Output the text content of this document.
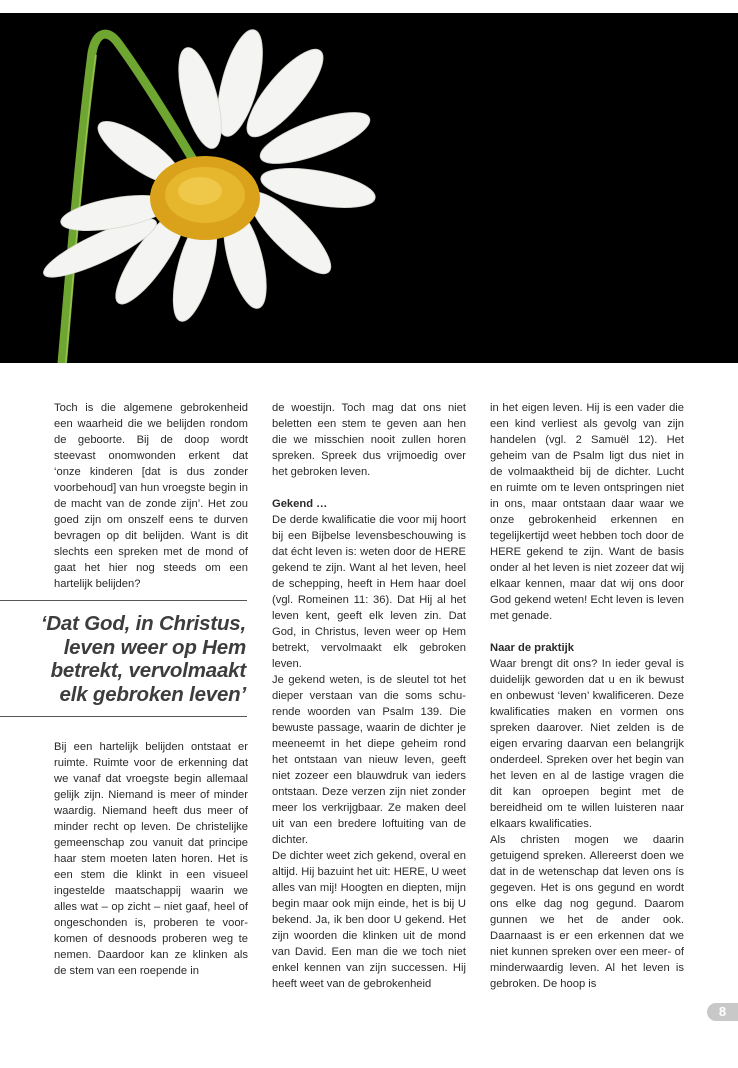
Toch is die algemene gebrokenheid een waarheid die we belijden rondom de geboorte. Bij de doop wordt steevast onomwonden erkent dat ‘onze kinderen [dat is dus zonder voorbehoud] van hun vroegste begin in de macht van de zonde zijn’. Het zou goed zijn om onszelf eens te durven bevragen op dit belijden. Want is dit slechts een spreken met de mond of gaat het hier nog steeds om een hartelijk belijden?

‘Dat God, in Christus, leven weer op Hem betrekt, vervolmaakt elk gebroken leven’

Bij een hartelijk belijden ontstaat er ruimte. Ruimte voor de erkenning dat we vanaf dat vroegste begin allemaal gelijk zijn. Niemand is meer of minder waardig. Niemand heeft dus meer of minder recht op leven. De christelijke gemeenschap zou vanuit dat principe haar stem moeten laten horen. Het is een stem die klinkt in een visueel ingestelde maatschappij waarin we alles wat – op zicht – niet gaaf, heel of ongeschonden is, proberen te voorkomen of desnoods proberen weg te nemen. Daardoor kan ze klinken als de stem van een roepende in

de woestijn. Toch mag dat ons niet beletten een stem te geven aan hen die we misschien nooit zullen horen spreken. Spreek dus vrijmoedig over het gebroken leven.

Gekend …

De derde kwalificatie die voor mij hoort bij een Bijbelse levensbeschouwing is dat écht leven is: weten door de HERE gekend te zijn. Want al het leven, heel de schepping, heeft in Hem haar doel (vgl. Romeinen 11: 36). Dat Hij al het leven kent, geeft elk leven zin. Dat God, in Christus, leven weer op Hem betrekt, vervolmaakt elk gebroken leven.

Je gekend weten, is de sleutel tot het dieper verstaan van die soms schurende woorden van Psalm 139. Die bewuste passage, waarin de dichter je meeneemt in het diepe geheim rond het ontstaan van nieuw leven, geeft niet zozeer een blauwdruk van ieders ontstaan. Deze verzen zijn niet zonder meer los verkrijgbaar. Ze maken deel uit van een bredere loftuiting van de dichter.

De dichter weet zich gekend, overal en altijd. Hij bazuint het uit: HERE, U weet alles van mij! Hoogten en diepten, mijn begin maar ook mijn einde, het is bij U bekend. Ja, ik ben door U gekend. Het zijn woorden die klinken uit de mond van David. Een man die we toch niet enkel kennen van zijn successen. Hij heeft weet van de gebrokenheid

in het eigen leven. Hij is een vader die een kind verliest als gevolg van zijn handelen (vgl. 2 Samuël 12). Het geheim van de Psalm ligt dus niet in de volmaaktheid bij de dichter. Lucht en ruimte om te leven ontspringen niet in ons, maar ontstaan daar waar we onze gebrokenheid erkennen en tegelijkertijd weet hebben toch door de HERE gekend te zijn. Want de basis onder al het leven is niet zozeer dat wij elkaar kennen, maar dat wij ons door God gekend weten! Echt leven is leven met genade.

Naar de praktijk

Waar brengt dit ons? In ieder geval is duidelijk geworden dat u en ik bewust en onbewust ‘leven’ kwalificeren. Deze kwalificaties maken en vormen ons spreken daarover. Niet zelden is de eigen ervaring daarvan een belangrijk onderdeel. Spreken over het begin van het leven en al de lastige vragen die dit kan oproepen begint met de bereidheid om te willen luisteren naar elkaars kwalificaties.

Als christen mogen we daarin getuigend spreken. Allereerst doen we dat in de wetenschap dat leven ons ís gegeven. Het is ons gegund en wordt ons elke dag nog gegund. Daarom gunnen we het de ander ook. Daarnaast is er een erkennen dat we niet kunnen spreken over een meer- of minderwaardig leven. Al het leven is gebroken. De hoop is

8
